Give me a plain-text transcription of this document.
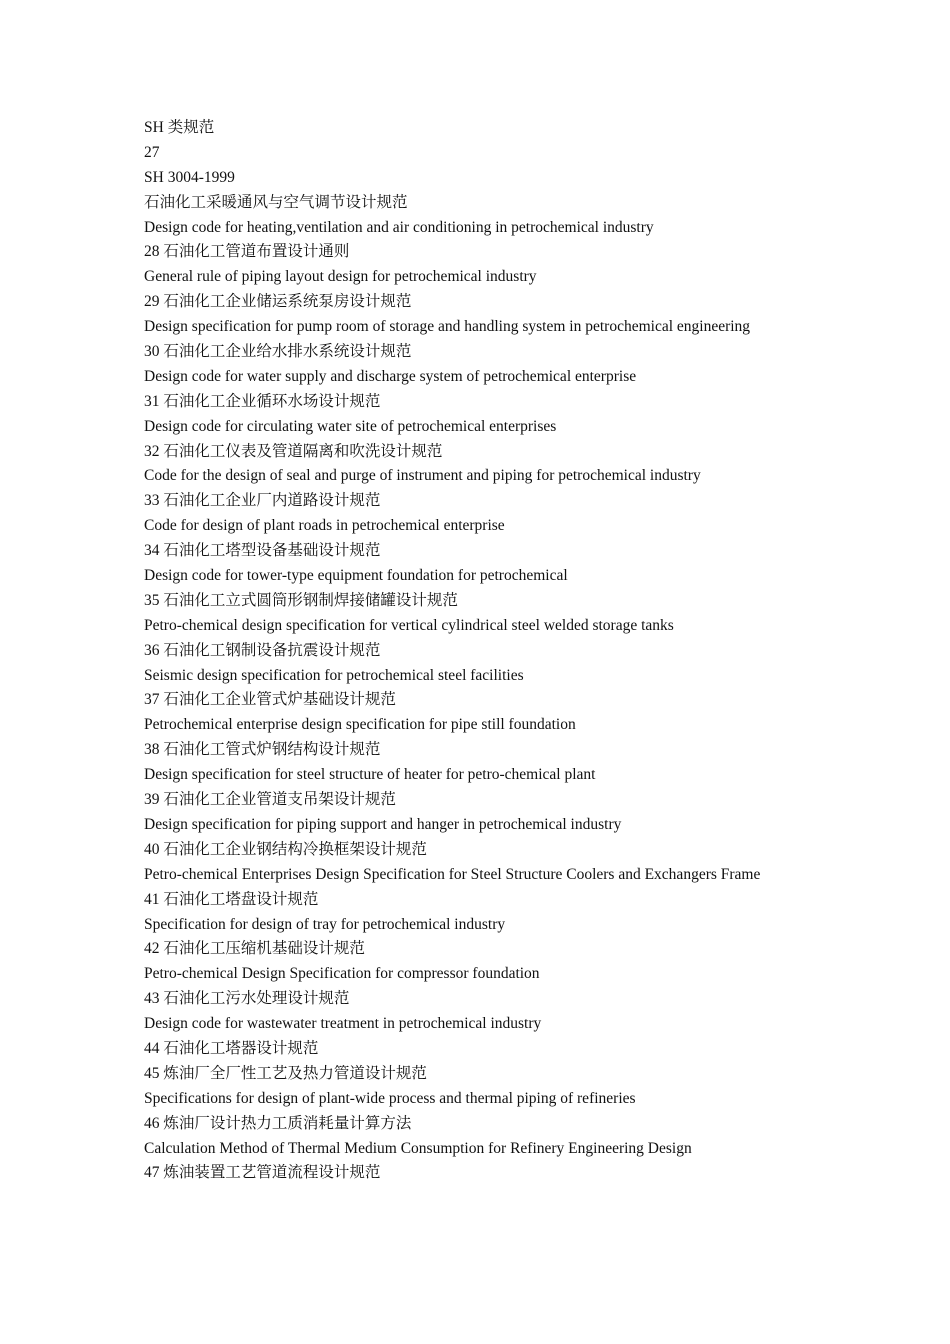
SH 类规范
27
SH 3004-1999
石油化工采暖通风与空气调节设计规范
Design code for heating,ventilation and air conditioning in petrochemical industry
28 石油化工管道布置设计通则
General rule of piping layout design for petrochemical industry
29 石油化工企业储运系统泵房设计规范
Design specification for pump room of storage and handling system in petrochemical engineering
30 石油化工企业给水排水系统设计规范
Design code for water supply and discharge system of petrochemical enterprise
31 石油化工企业循环水场设计规范
Design code for circulating water site of petrochemical enterprises
32 石油化工仪表及管道隔离和吹洗设计规范
Code for the design of seal and purge of instrument and piping for petrochemical industry
33 石油化工企业厂内道路设计规范
Code for design of plant roads in petrochemical enterprise
34 石油化工塔型设备基础设计规范
Design code for tower-type equipment foundation for petrochemical
35 石油化工立式圆筒形钢制焊接储罐设计规范
Petro-chemical design specification for vertical cylindrical steel welded storage tanks
36 石油化工钢制设备抗震设计规范
Seismic design specification for petrochemical steel facilities
37 石油化工企业管式炉基础设计规范
Petrochemical enterprise design specification for pipe still foundation
38 石油化工管式炉钢结构设计规范
Design specification for steel structure of heater for petro-chemical plant
39 石油化工企业管道支吊架设计规范
Design specification for piping support and hanger in petrochemical industry
40 石油化工企业钢结构冷换框架设计规范
Petro-chemical Enterprises Design Specification for Steel Structure Coolers and Exchangers Frame
41 石油化工塔盘设计规范
Specification for design of tray for petrochemical industry
42 石油化工压缩机基础设计规范
Petro-chemical Design Specification for compressor foundation
43 石油化工污水处理设计规范
Design code for wastewater treatment in petrochemical industry
44 石油化工塔器设计规范
45 炼油厂全厂性工艺及热力管道设计规范
Specifications for design of plant-wide process and thermal piping of refineries
46 炼油厂设计热力工质消耗量计算方法
Calculation Method of Thermal Medium Consumption for Refinery Engineering Design
47 炼油装置工艺管道流程设计规范
